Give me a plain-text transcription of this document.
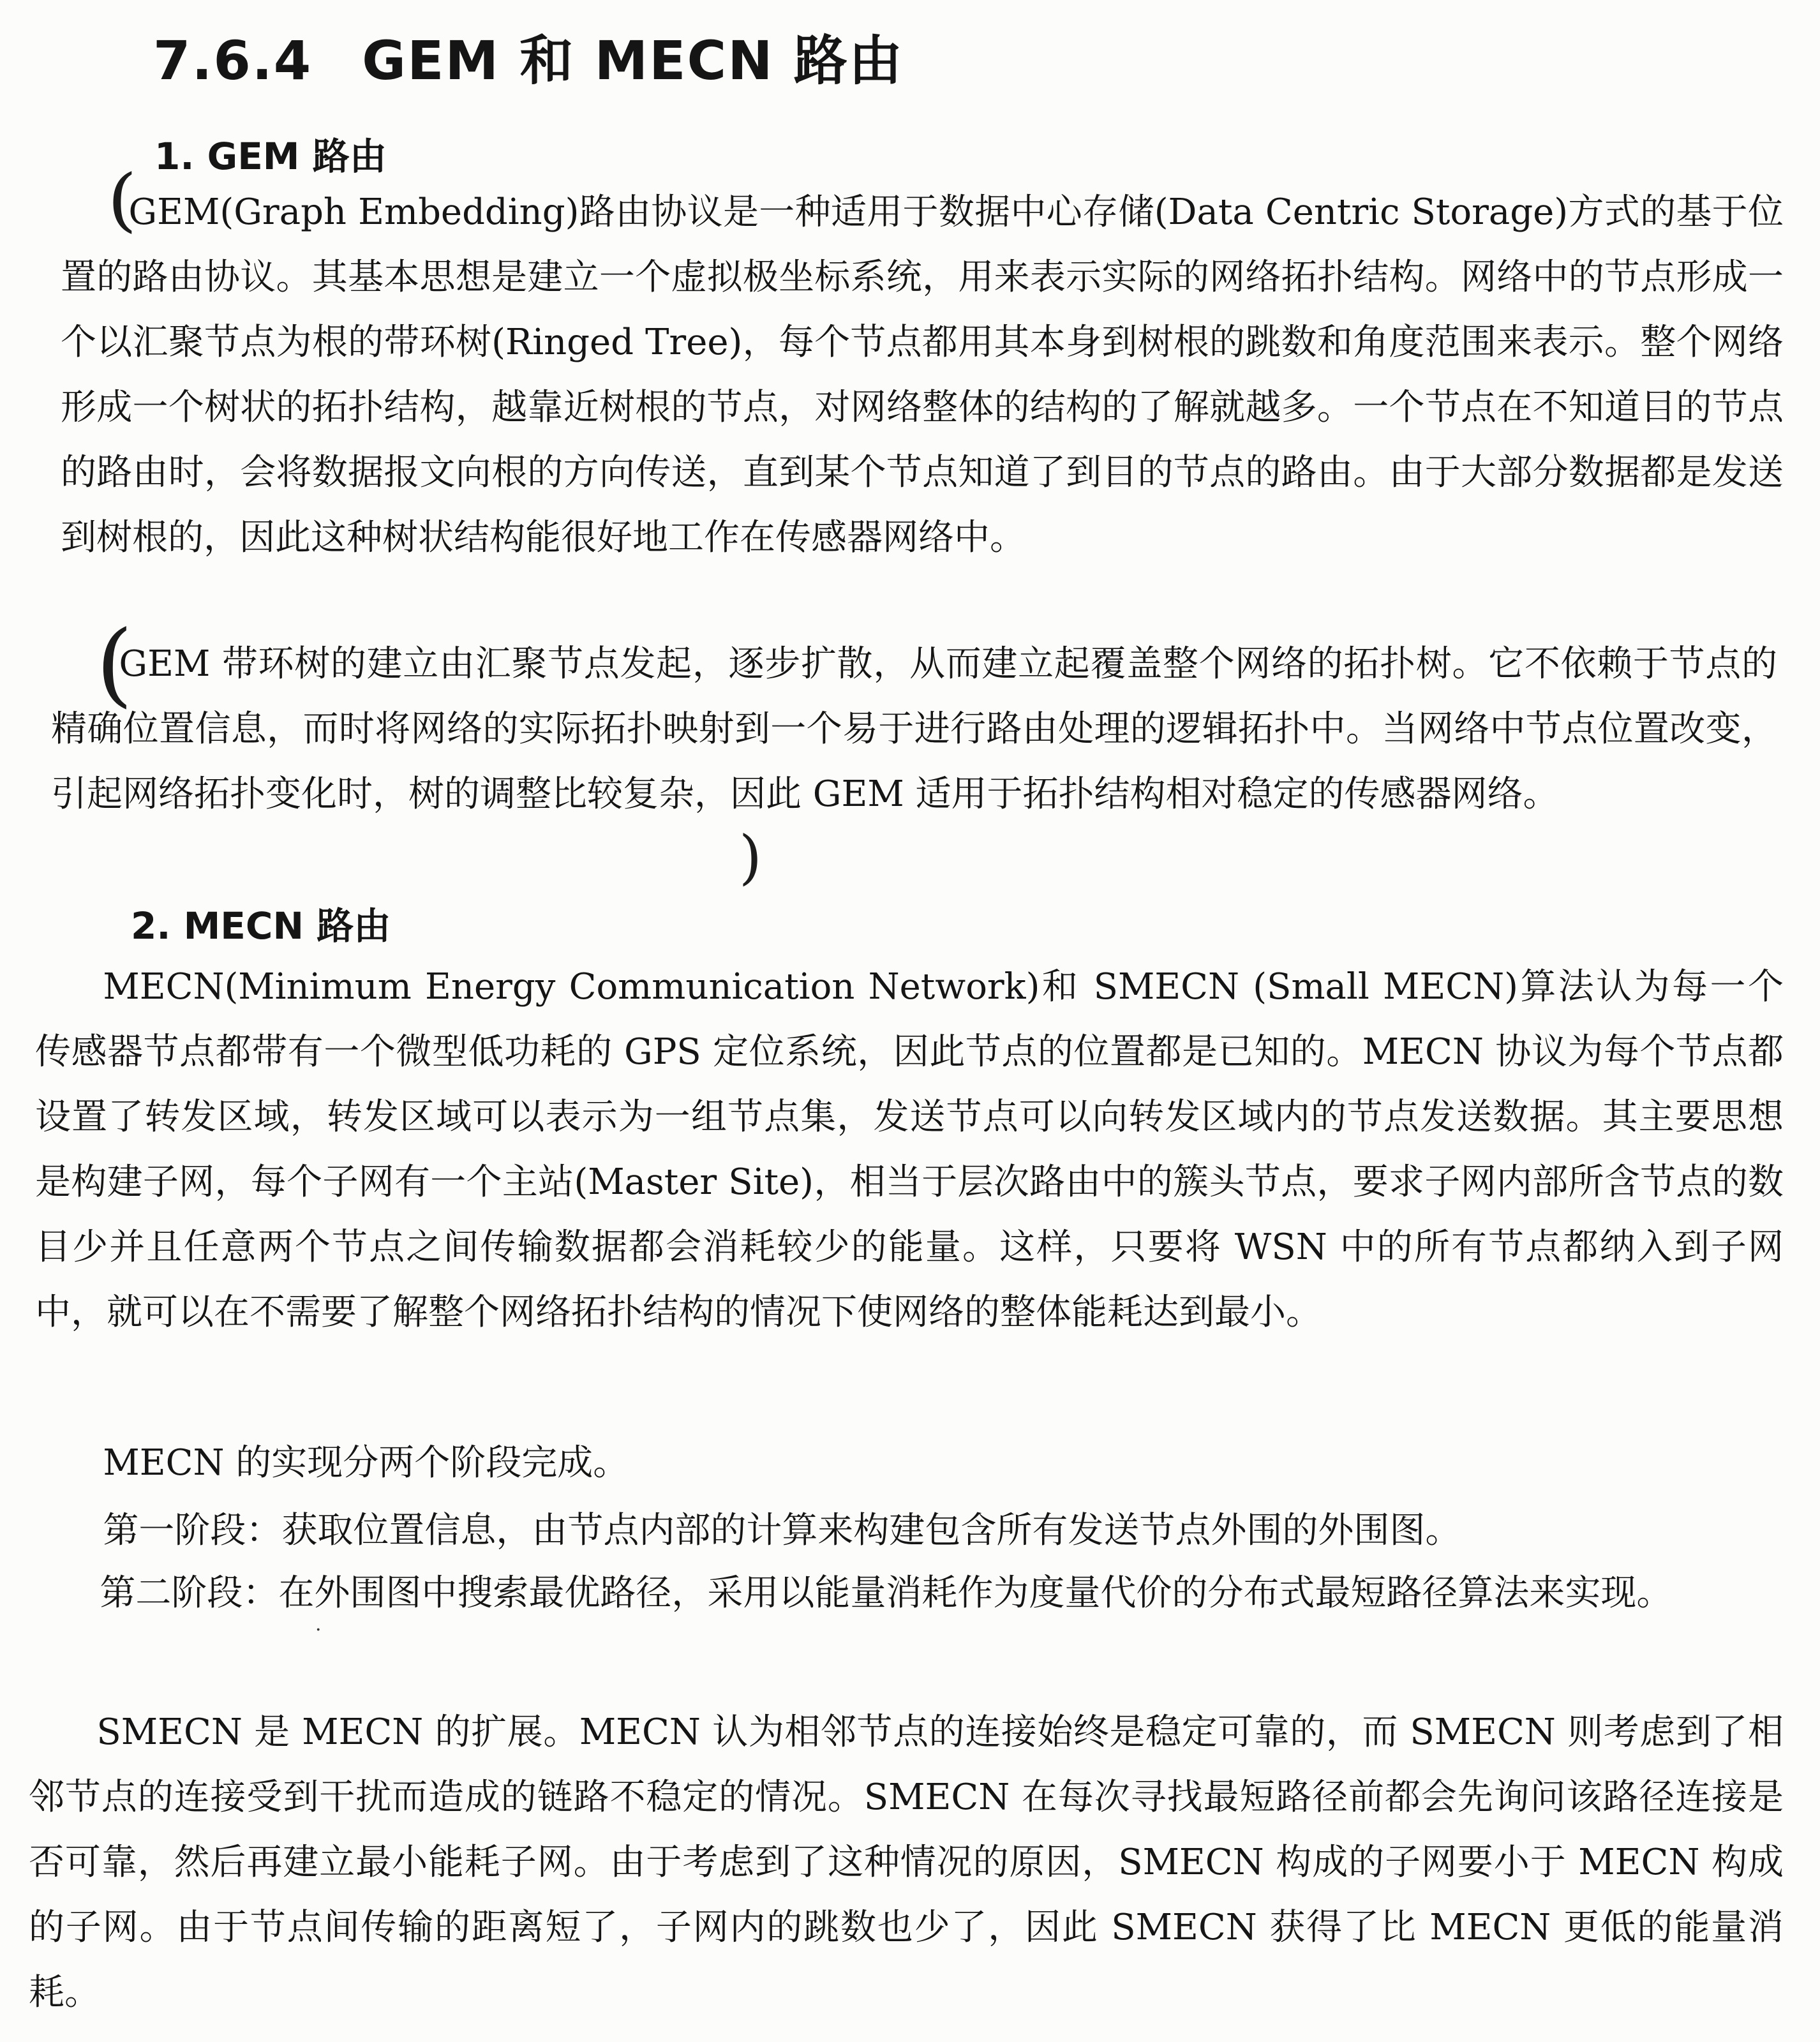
7.6.4 GEM 和 MECN 路由
1. GEM 路由

GEM(Graph Embedding)路由协议是一种适用于数据中心存储(Data Centric Storage)方式的基于位置的路由协议。其基本思想是建立一个虚拟极坐标系统，用来表示实际的网络拓扑结构。网络中的节点形成一个以汇聚节点为根的带环树(Ringed Tree)，每个节点都用其本身到树根的跳数和角度范围来表示。整个网络形成一个树状的拓扑结构，越靠近树根的节点，对网络整体的结构的了解就越多。一个节点在不知道目的节点的路由时，会将数据报文向根的方向传送，直到某个节点知道了到目的节点的路由。由于大部分数据都是发送到树根的，因此这种树状结构能很好地工作在传感器网络中。

GEM 带环树的建立由汇聚节点发起，逐步扩散，从而建立起覆盖整个网络的拓扑树。它不依赖于节点的精确位置信息，而时将网络的实际拓扑映射到一个易于进行路由处理的逻辑拓扑中。当网络中节点位置改变，引起网络拓扑变化时，树的调整比较复杂，因此 GEM 适用于拓扑结构相对稳定的传感器网络。

2. MECN 路由

MECN(Minimum Energy Communication Network)和 SMECN (Small MECN)算法认为每一个传感器节点都带有一个微型低功耗的 GPS 定位系统，因此节点的位置都是已知的。MECN 协议为每个节点都设置了转发区域，转发区域可以表示为一组节点集，发送节点可以向转发区域内的节点发送数据。其主要思想是构建子网，每个子网有一个主站(Master Site)，相当于层次路由中的簇头节点，要求子网内部所含节点的数目少并且任意两个节点之间传输数据都会消耗较少的能量。这样，只要将 WSN 中的所有节点都纳入到子网中，就可以在不需要了解整个网络拓扑结构的情况下使网络的整体能耗达到最小。

MECN 的实现分两个阶段完成。

第一阶段：获取位置信息，由节点内部的计算来构建包含所有发送节点外围的外围图。

第二阶段：在外围图中搜索最优路径，采用以能量消耗作为度量代价的分布式最短路径算法来实现。

SMECN 是 MECN 的扩展。MECN 认为相邻节点的连接始终是稳定可靠的，而 SMECN 则考虑到了相邻节点的连接受到干扰而造成的链路不稳定的情况。SMECN 在每次寻找最短路径前都会先询问该路径连接是否可靠，然后再建立最小能耗子网。由于考虑到了这种情况的原因，SMECN 构成的子网要小于 MECN 构成的子网。由于节点间传输的距离短了，子网内的跳数也少了，因此 SMECN 获得了比 MECN 更低的能量消耗。

(
(
)
·
